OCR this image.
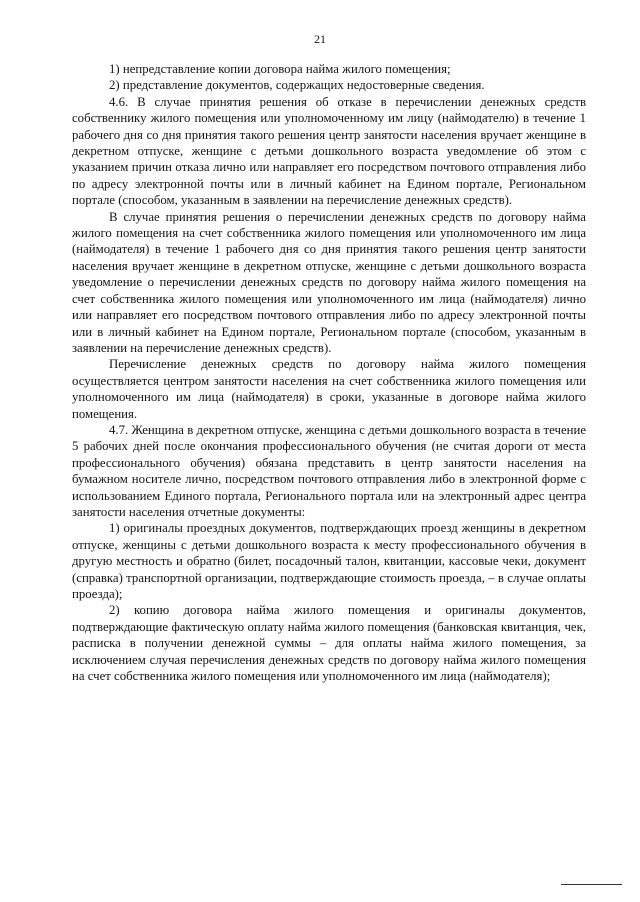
21

1) непредставление копии договора найма жилого помещения;

2) представление документов, содержащих недостоверные сведения.

4.6. В случае принятия решения об отказе в перечислении денежных средств собственнику жилого помещения или уполномоченному им лицу (наймодателю) в течение 1 рабочего дня со дня принятия такого решения центр занятости населения вручает женщине в декретном отпуске, женщине с детьми дошкольного возраста уведомление об этом с указанием причин отказа лично или направляет его посредством почтового отправления либо по адресу электронной почты или в личный кабинет на Едином портале, Региональном портале (способом, указанным в заявлении на перечисление денежных средств).

В случае принятия решения о перечислении денежных средств по договору найма жилого помещения на счет собственника жилого помещения или уполномоченного им лица (наймодателя) в течение 1 рабочего дня со дня принятия такого решения центр занятости населения вручает женщине в декретном отпуске, женщине с детьми дошкольного возраста уведомление о перечислении денежных средств по договору найма жилого помещения на счет собственника жилого помещения или уполномоченного им лица (наймодателя) лично или направляет его посредством почтового отправления либо по адресу электронной почты или в личный кабинет на Едином портале, Региональном портале (способом, указанным в заявлении на перечисление денежных средств).

Перечисление денежных средств по договору найма жилого помещения осуществляется центром занятости населения на счет собственника жилого помещения или уполномоченного им лица (наймодателя) в сроки, указанные в договоре найма жилого помещения.

4.7. Женщина в декретном отпуске, женщина с детьми дошкольного возраста в течение 5 рабочих дней после окончания профессионального обучения (не считая дороги от места профессионального обучения) обязана представить в центр занятости населения на бумажном носителе лично, посредством почтового отправления либо в электронной форме с использованием Единого портала, Регионального портала или на электронный адрес центра занятости населения отчетные документы:

1) оригиналы проездных документов, подтверждающих проезд женщины в декретном отпуске, женщины с детьми дошкольного возраста к месту профессионального обучения в другую местность и обратно (билет, посадочный талон, квитанции, кассовые чеки, документ (справка) транспортной организации, подтверждающие стоимость проезда, – в случае оплаты проезда);

2) копию договора найма жилого помещения и оригиналы документов, подтверждающие фактическую оплату найма жилого помещения (банковская квитанция, чек, расписка в получении денежной суммы – для оплаты найма жилого помещения, за исключением случая перечисления денежных средств по договору найма жилого помещения на счет собственника жилого помещения или уполномоченного им лица (наймодателя);
